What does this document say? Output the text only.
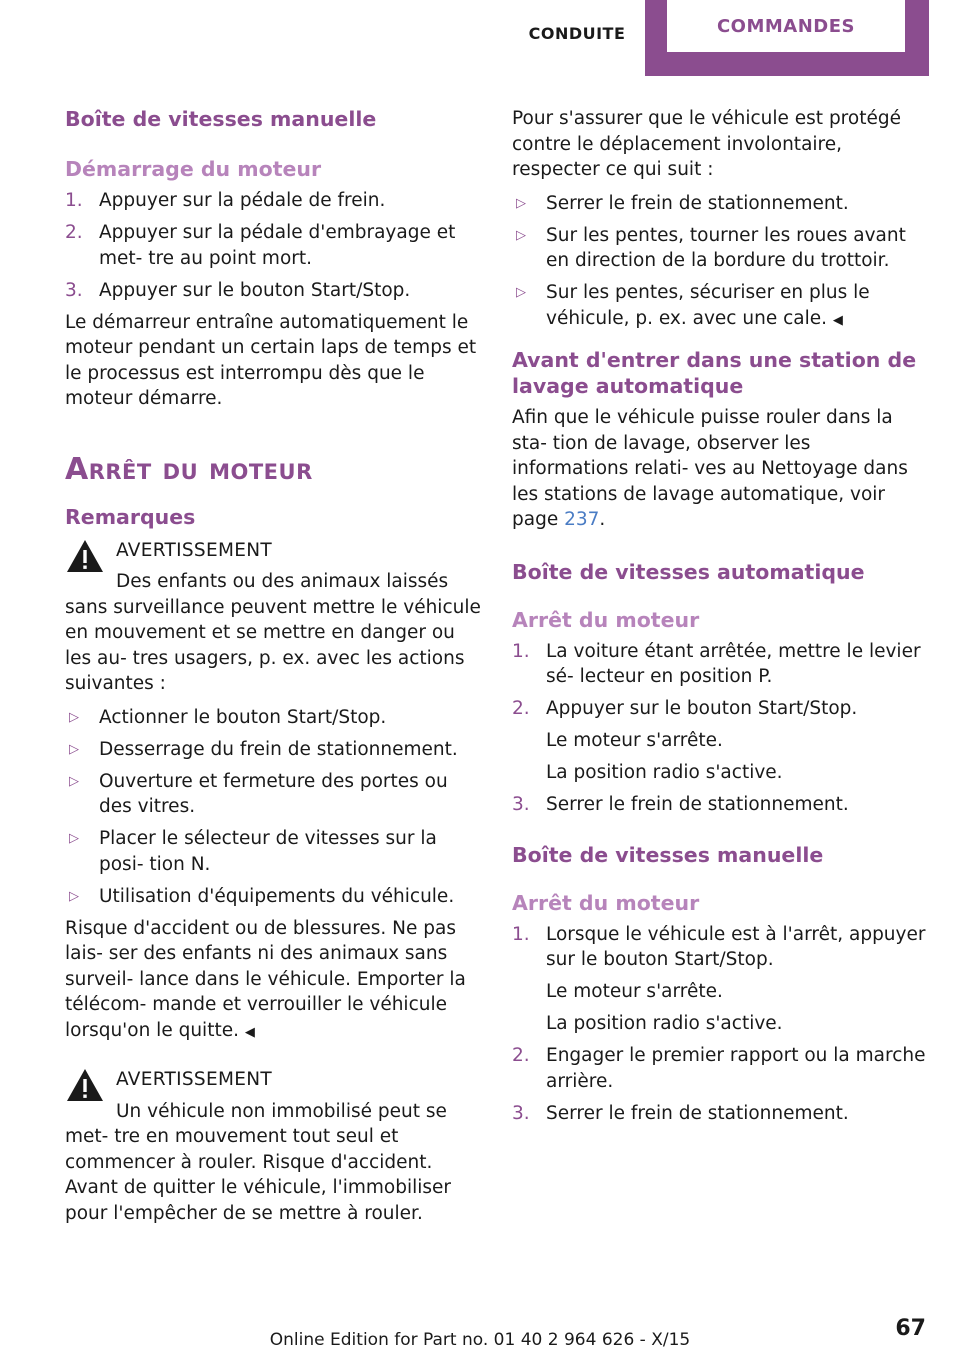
CONDUITE	COMMANDES
Boîte de vitesses manuelle
Démarrage du moteur
1. Appuyer sur la pédale de frein.
2. Appuyer sur la pédale d'embrayage et met‐ tre au point mort.
3. Appuyer sur le bouton Start/Stop.

Le démarreur entraîne automatiquement le moteur pendant un certain laps de temps et le processus est interrompu dès que le moteur démarre.

Arrêt du moteur
Remarques
AVERTISSEMENT

Des enfants ou des animaux laissés sans surveillance peuvent mettre le véhicule en mouvement et se mettre en danger ou les au‐ tres usagers, p. ex. avec les actions suivantes :

▷ Actionner le bouton Start/Stop.
▷ Desserrage du frein de stationnement.
▷ Ouverture et fermeture des portes ou des vitres.
▷ Placer le sélecteur de vitesses sur la posi‐ tion N.
▷ Utilisation d'équipements du véhicule.

Risque d'accident ou de blessures. Ne pas lais‐ ser des enfants ni des animaux sans surveil‐ lance dans le véhicule. Emporter la télécom‐ mande et verrouiller le véhicule lorsqu'on le quitte. ◀

AVERTISSEMENT

Un véhicule non immobilisé peut se met‐ tre en mouvement tout seul et commencer à rouler. Risque d'accident. Avant de quitter le véhicule, l'immobiliser pour l'empêcher de se mettre à rouler.

Pour s'assurer que le véhicule est protégé contre le déplacement involontaire, respecter ce qui suit :

▷ Serrer le frein de stationnement.
▷ Sur les pentes, tourner les roues avant en direction de la bordure du trottoir.
▷ Sur les pentes, sécuriser en plus le véhicule, p. ex. avec une cale. ◀
Avant d'entrer dans une station de lavage automatique

Afin que le véhicule puisse rouler dans la sta‐ tion de lavage, observer les informations relati‐ ves au Nettoyage dans les stations de lavage automatique, voir page 237.

Boîte de vitesses automatique
Arrêt du moteur
1. La voiture étant arrêtée, mettre le levier sé‐ lecteur en position P.
2. Appuyer sur le bouton Start/Stop.
Le moteur s'arrête.
La position radio s'active.
3. Serrer le frein de stationnement.
Boîte de vitesses manuelle
Arrêt du moteur
1. Lorsque le véhicule est à l'arrêt, appuyer sur le bouton Start/Stop.
Le moteur s'arrête.
La position radio s'active.
2. Engager le premier rapport ou la marche arrière.
3. Serrer le frein de stationnement.
Online Edition for Part no. 01 40 2 964 626 - X/15	67
